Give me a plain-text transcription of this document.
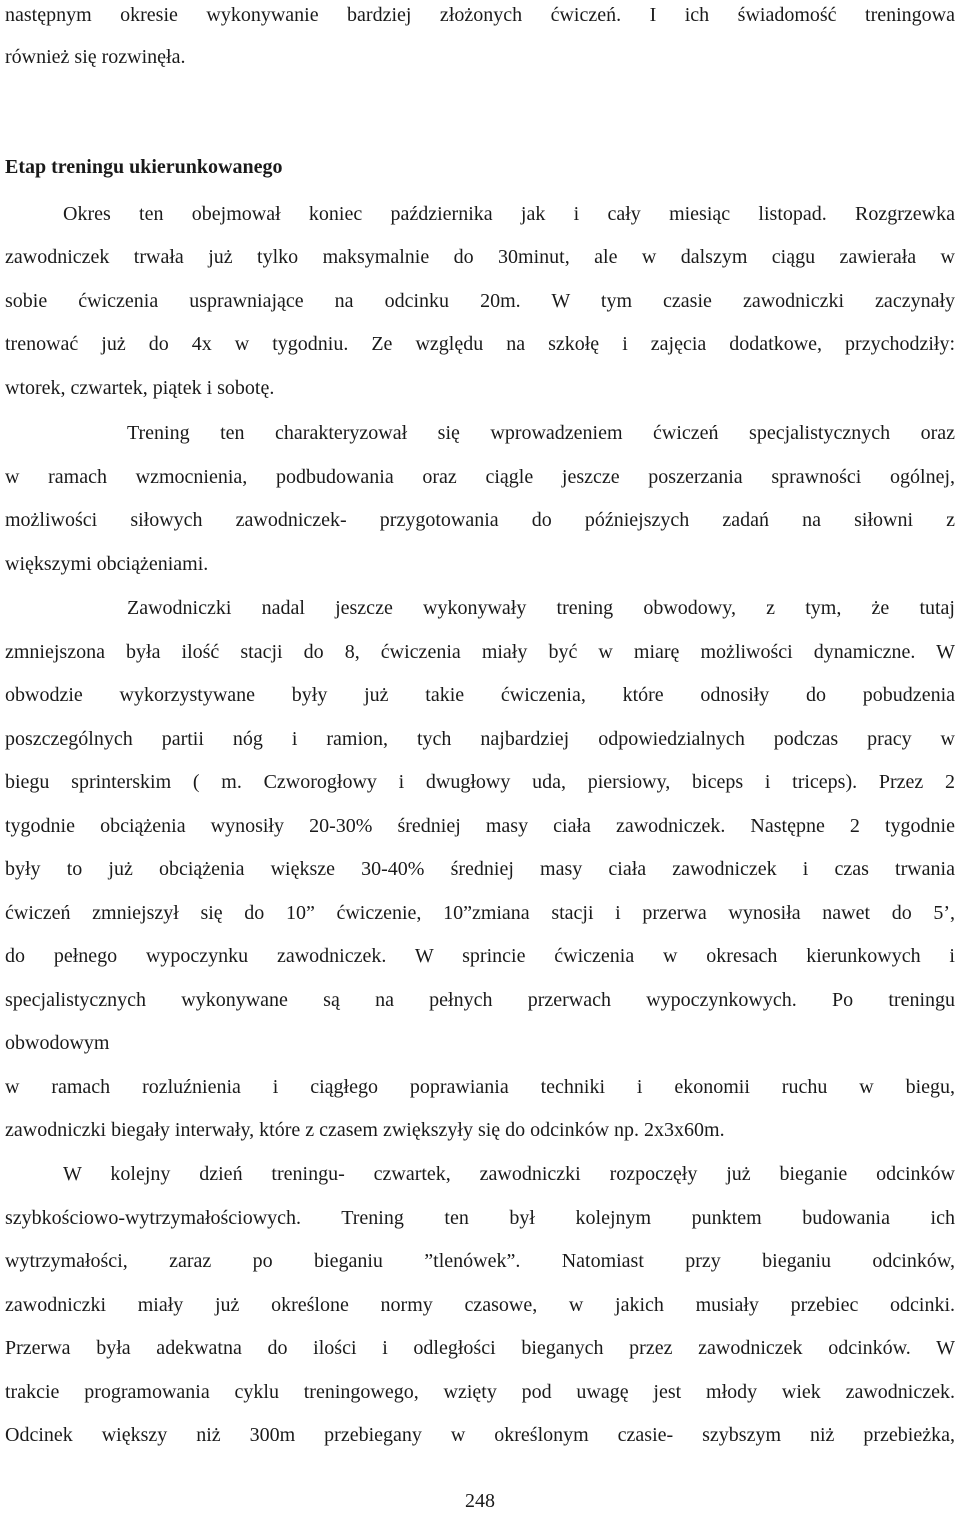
następnym okresie wykonywanie bardziej złożonych ćwiczeń. I ich świadomość treningowa
również się rozwinęła.
Etap treningu ukierunkowanego
Okres ten obejmował koniec października jak i cały miesiąc listopad. Rozgrzewka
zawodniczek trwała już tylko maksymalnie do 30minut, ale w dalszym ciągu zawierała w
sobie ćwiczenia usprawniające na odcinku 20m. W tym czasie zawodniczki zaczynały
trenować już do 4x w tygodniu. Ze względu na szkołę i zajęcia dodatkowe, przychodziły:
wtorek, czwartek, piątek i sobotę.
Trening ten charakteryzował się wprowadzeniem ćwiczeń specjalistycznych oraz
w ramach wzmocnienia, podbudowania oraz ciągle jeszcze poszerzania sprawności ogólnej,
możliwości siłowych zawodniczek- przygotowania do późniejszych zadań na siłowni z
większymi obciążeniami.
Zawodniczki nadal jeszcze wykonywały trening obwodowy, z tym, że tutaj
zmniejszona była ilość stacji do 8, ćwiczenia miały być w miarę możliwości dynamiczne. W
obwodzie wykorzystywane były już takie ćwiczenia, które odnosiły do pobudzenia
poszczególnych partii nóg i ramion, tych najbardziej odpowiedzialnych podczas pracy w
biegu sprinterskim ( m. Czworogłowy i dwugłowy uda, piersiowy, biceps i triceps). Przez 2
tygodnie obciążenia wynosiły 20-30% średniej masy ciała zawodniczek. Następne 2 tygodnie
były to już obciążenia większe 30-40% średniej masy ciała zawodniczek i czas trwania
ćwiczeń zmniejszył się do 10” ćwiczenie, 10”zmiana stacji i przerwa wynosiła nawet do 5’,
do pełnego wypoczynku zawodniczek. W sprincie ćwiczenia w okresach kierunkowych i
specjalistycznych wykonywane są na pełnych przerwach wypoczynkowych. Po treningu
obwodowym
w ramach rozluźnienia i ciągłego poprawiania techniki i ekonomii ruchu w biegu,
zawodniczki biegały interwały, które z czasem zwiększyły się do odcinków np. 2x3x60m.
W kolejny dzień treningu- czwartek, zawodniczki rozpoczęły już bieganie odcinków
szybkościowo-wytrzymałościowych. Trening ten był kolejnym punktem budowania ich
wytrzymałości, zaraz po bieganiu ”tlenówek”. Natomiast przy bieganiu odcinków,
zawodniczki miały już określone normy czasowe, w jakich musiały przebiec odcinki.
Przerwa była adekwatna do ilości i odległości bieganych przez zawodniczek odcinków. W
trakcie programowania cyklu treningowego, wzięty pod uwagę jest młody wiek zawodniczek.
Odcinek większy niż 300m przebiegany w określonym czasie- szybszym niż przebieżka,
248
